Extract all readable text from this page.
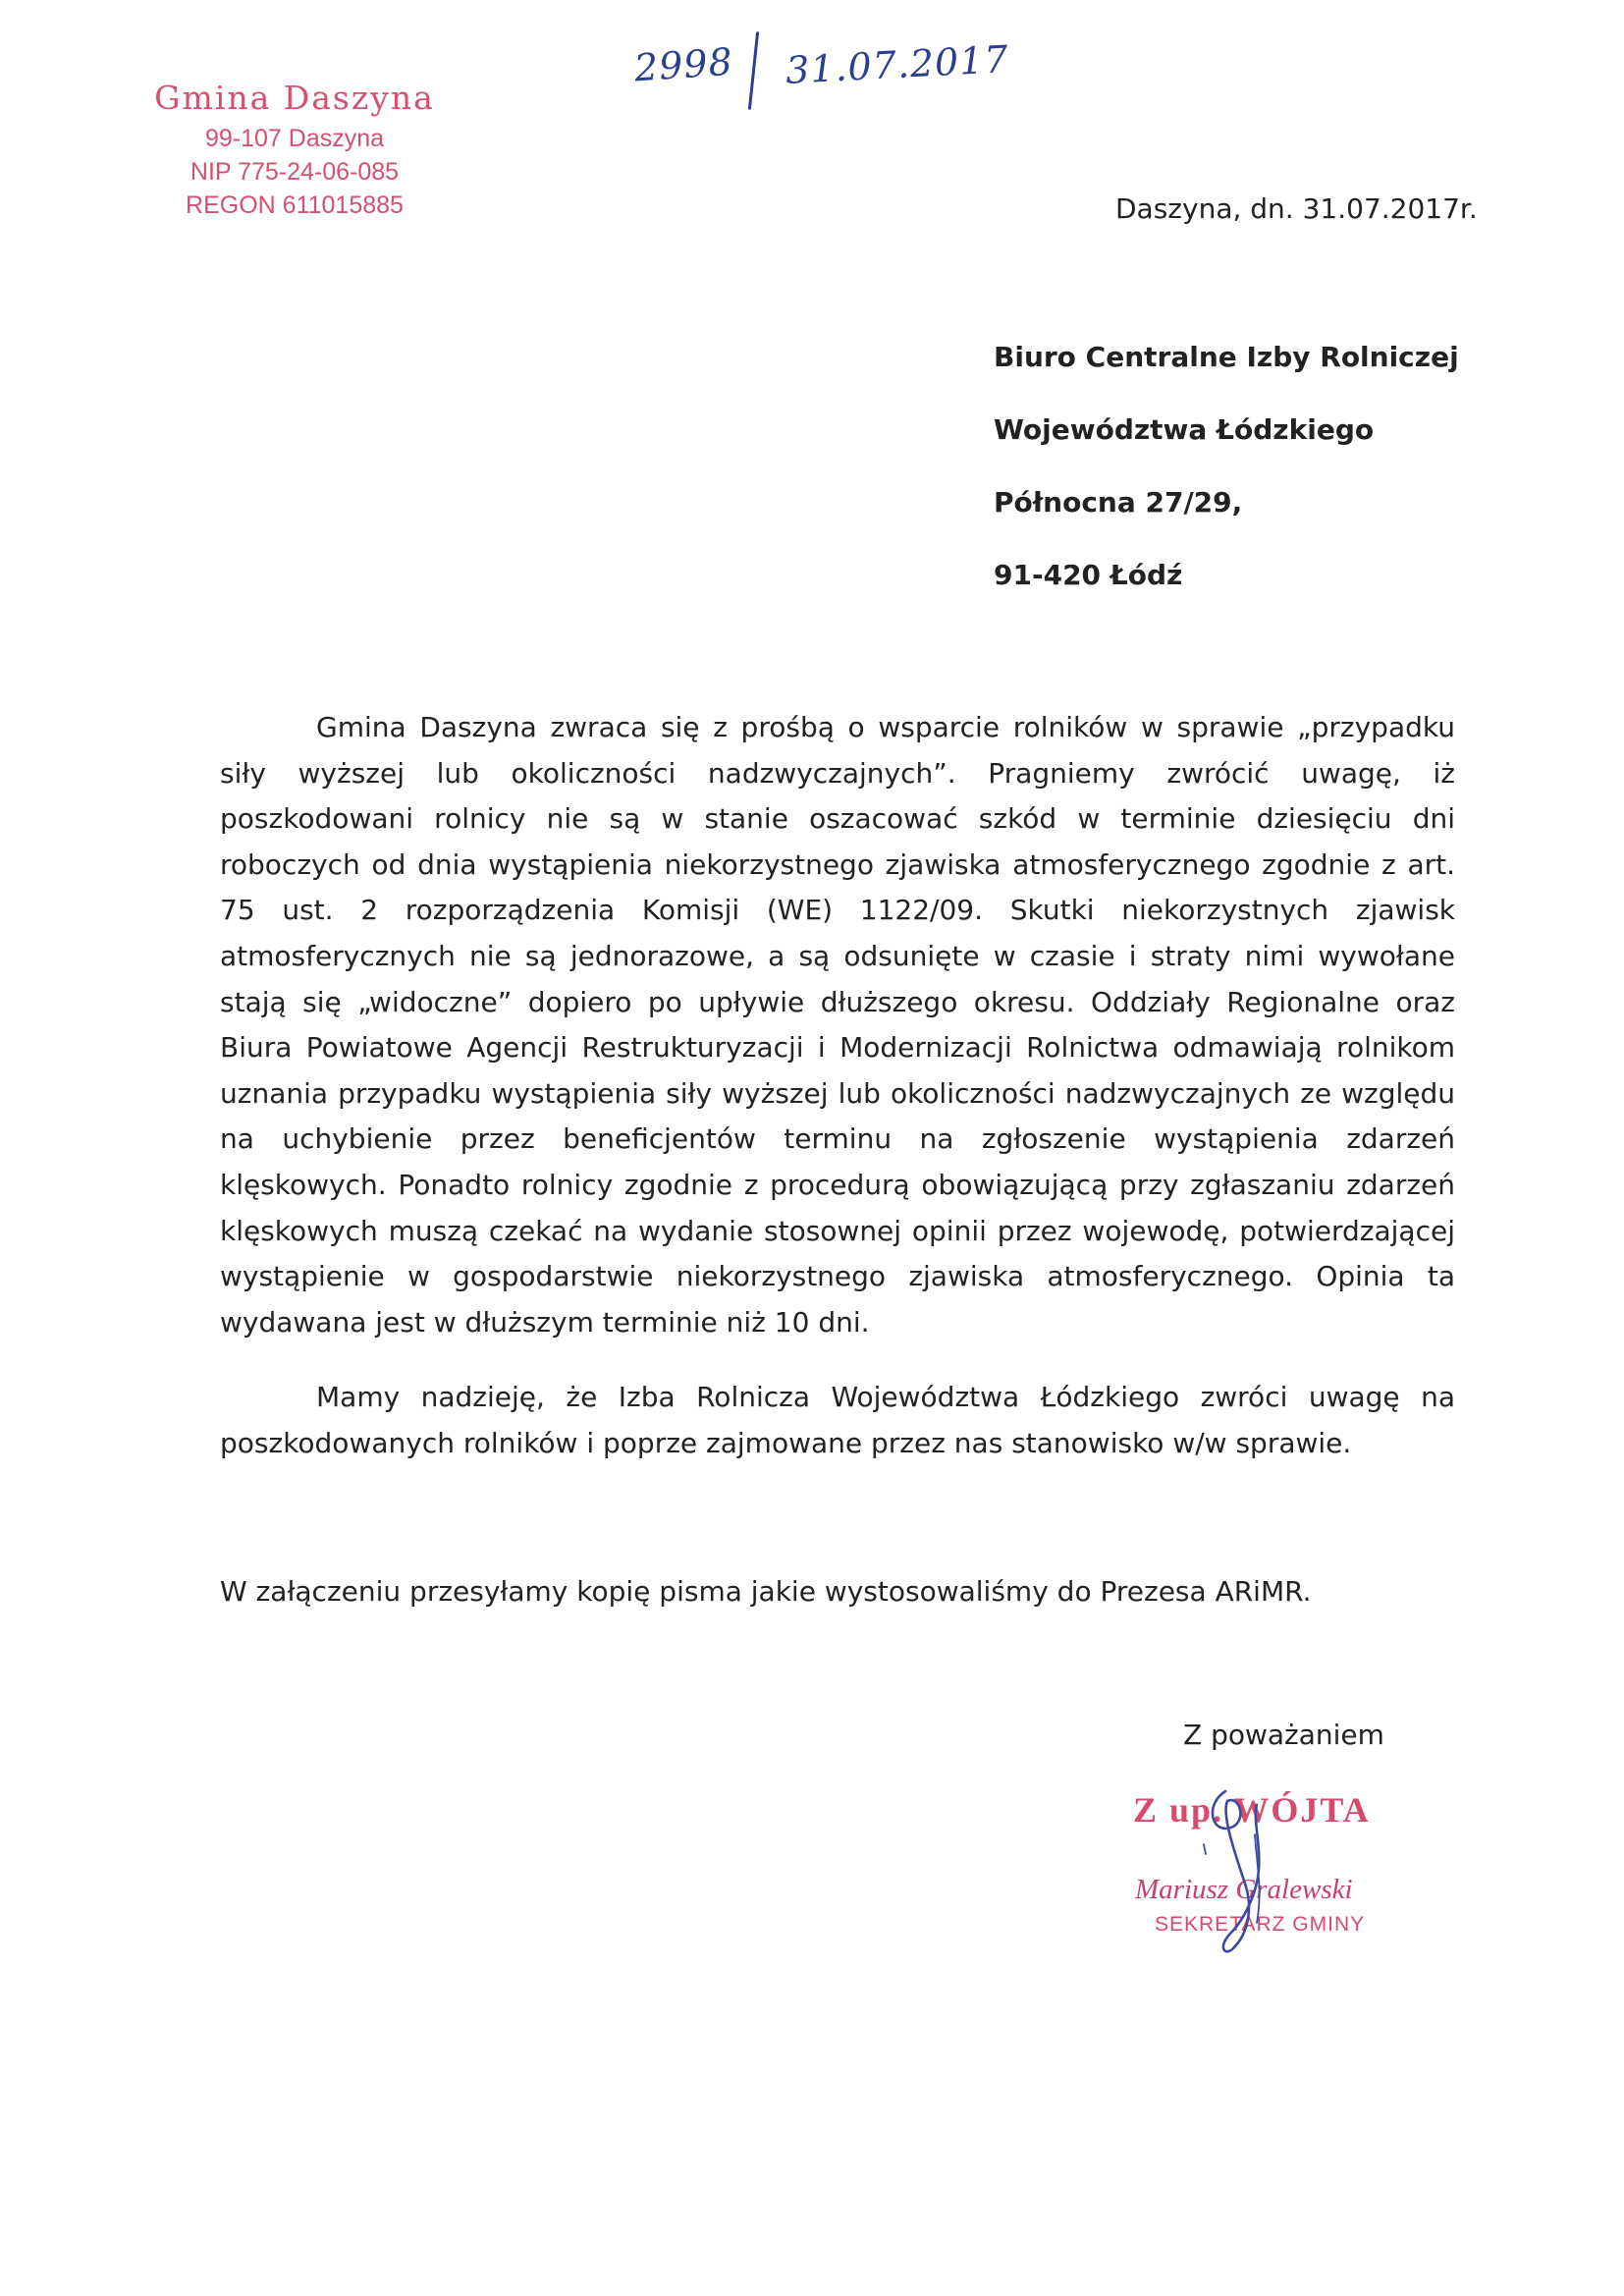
Gmina Daszyna
99-107 Daszyna
NIP 775-24-06-085
REGON 611015885
2998 31.07.2017
Daszyna, dn. 31.07.2017r.
Biuro Centralne Izby Rolniczej
Województwa Łódzkiego
Północna 27/29,
91-420 Łódź
Gmina Daszyna zwraca się z prośbą o wsparcie rolników w sprawie „przypadku siły wyższej lub okoliczności nadzwyczajnych”. Pragniemy zwrócić uwagę, iż poszkodowani rolnicy nie są w stanie oszacować szkód w terminie dziesięciu dni roboczych od dnia wystąpienia niekorzystnego zjawiska atmosferycznego zgodnie z art. 75 ust. 2 rozporządzenia Komisji (WE) 1122/09. Skutki niekorzystnych zjawisk atmosferycznych nie są jednorazowe, a są odsunięte w czasie i straty nimi wywołane stają się „widoczne” dopiero po upływie dłuższego okresu. Oddziały Regionalne oraz Biura Powiatowe Agencji Restrukturyzacji i Modernizacji Rolnictwa odmawiają rolnikom uznania przypadku wystąpienia siły wyższej lub okoliczności nadzwyczajnych ze względu na uchybienie przez beneficjentów terminu na zgłoszenie wystąpienia zdarzeń klęskowych. Ponadto rolnicy zgodnie z procedurą obowiązującą przy zgłaszaniu zdarzeń klęskowych muszą czekać na wydanie stosownej opinii przez wojewodę, potwierdzającej wystąpienie w gospodarstwie niekorzystnego zjawiska atmosferycznego. Opinia ta wydawana jest w dłuższym terminie niż 10 dni.
Mamy nadzieję, że Izba Rolnicza Województwa Łódzkiego zwróci uwagę na poszkodowanych rolników i poprze zajmowane przez nas stanowisko w/w sprawie.
W załączeniu przesyłamy kopię pisma jakie wystosowaliśmy do Prezesa ARiMR.
Z poważaniem
Z up. WÓJTA
Mariusz Gralewski
SEKRETARZ GMINY
